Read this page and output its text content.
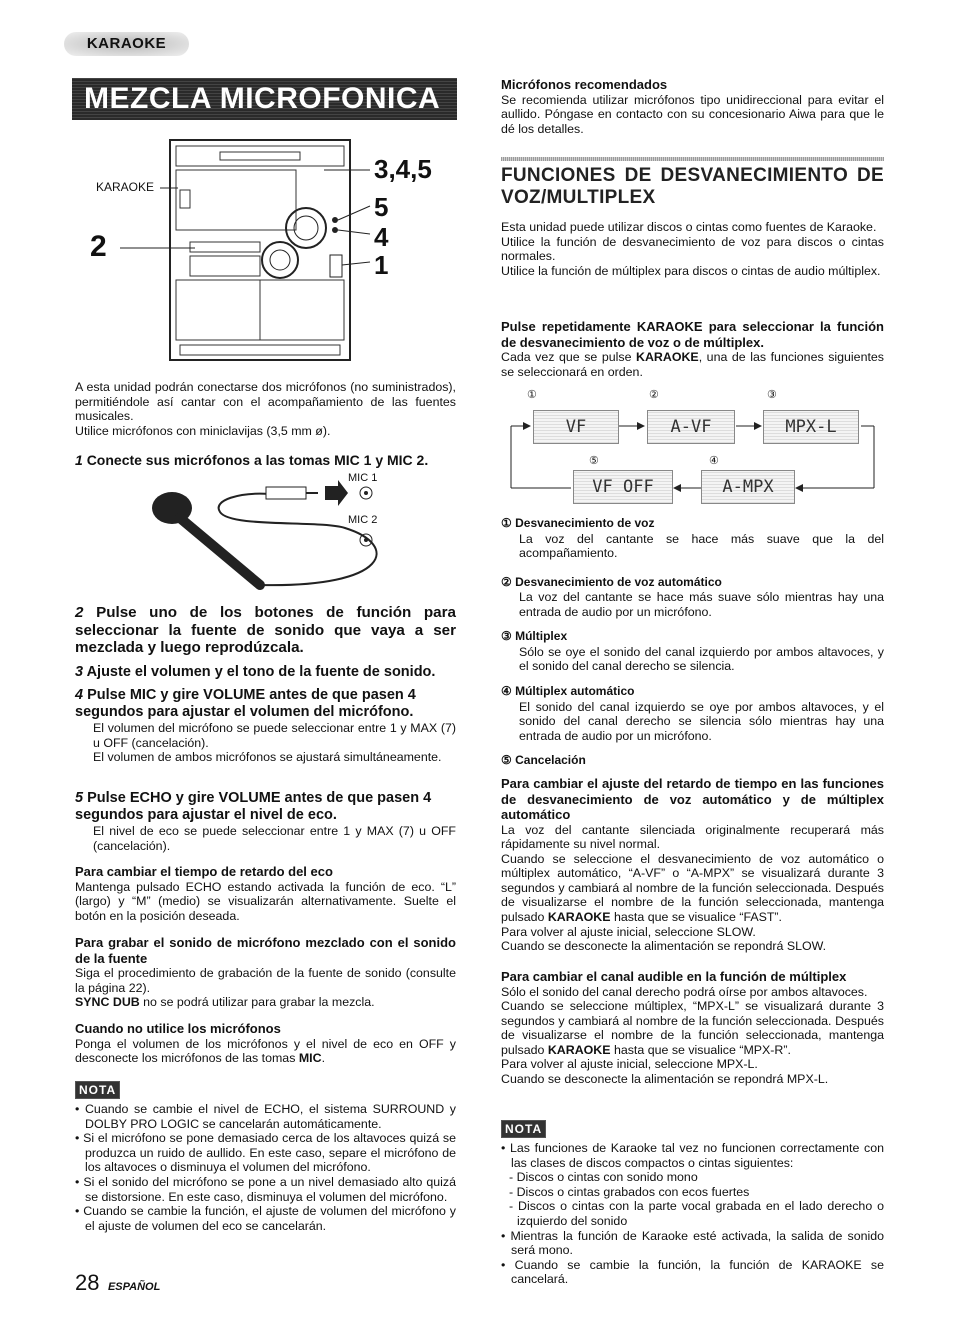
KARAOKE
MEZCLA MICROFONICA
KARAOKE
2
3,4,5
5
4
1

A esta unidad podrán conectarse dos micrófonos (no suministrados), permitiéndole así cantar con el acompañamiento de las fuentes musicales.

Utilice micrófonos con miniclavijas (3,5 mm ø).

1 Conecte sus micrófonos a las tomas MIC 1 y MIC 2.
MIC 1
MIC 2
2 Pulse uno de los botones de función para seleccionar la fuente de sonido que vaya a ser mezclada y luego reprodúzcala.
3 Ajuste el volumen y el tono de la fuente de sonido.
4 Pulse MIC y gire VOLUME antes de que pasen 4 segundos para ajustar el volumen del micrófono.

El volumen del micrófono se puede seleccionar entre 1 y MAX (7) u OFF (cancelación).

El volumen de ambos micrófonos se ajustará simultáneamente.

5 Pulse ECHO y gire VOLUME antes de que pasen 4 segundos para ajustar el nivel de eco.

El nivel de eco se puede seleccionar entre 1 y MAX (7) u OFF (cancelación).

Para cambiar el tiempo de retardo del eco

Mantenga pulsado ECHO estando activada la función de eco. “L” (largo) y “M” (medio) se visualizarán alternativamente. Suelte el botón en la posición deseada.

Para grabar el sonido de micrófono mezclado con el sonido de la fuente

Siga el procedimiento de grabación de la fuente de sonido (consulte la página 22).

SYNC DUB no se podrá utilizar para grabar la mezcla.

Cuando no utilice los micrófonos

Ponga el volumen de los micrófonos y el nivel de eco en OFF y desconecte los micrófonos de las tomas MIC.

NOTA

• Cuando se cambie el nivel de ECHO, el sistema SURROUND y DOLBY PRO LOGIC se cancelarán automáticamente.

• Si el micrófono se pone demasiado cerca de los altavoces quizá se produzca un ruido de aullido. En este caso, separe el micrófono de los altavoces o disminuya el volumen del micrófono.

• Si el sonido del micrófono se pone a un nivel demasiado alto quizá se distorsione. En este caso, disminuya el volumen del micrófono.

• Cuando se cambie la función, el ajuste de volumen del micrófono y el ajuste de volumen del eco se cancelarán.

28 ESPAÑOL
Micrófonos recomendados

Se recomienda utilizar micrófonos tipo unidireccional para evitar el aullido. Póngase en contacto con su concesionario Aiwa para que le dé los detalles.

FUNCIONES DE DESVANECIMIENTO DE VOZ/MULTIPLEX

Esta unidad puede utilizar discos o cintas como fuentes de Karaoke.

Utilice la función de desvanecimiento de voz para discos o cintas normales.

Utilice la función de múltiplex para discos o cintas de audio múltiplex.

Pulse repetidamente KARAOKE para seleccionar la función de desvanecimiento de voz o de múltiplex.

Cada vez que se pulse KARAOKE, una de las funciones siguientes se seleccionará en orden.

①	②	③
⑤	④
VF	A-VF	MPX-L
VF OFF	A-MPX
① Desvanecimiento de voz

La voz del cantante se hace más suave que la del acompañamiento.

② Desvanecimiento de voz automático

La voz del cantante se hace más suave sólo mientras hay una entrada de audio por un micrófono.

③ Múltiplex

Sólo se oye el sonido del canal izquierdo por ambos altavoces, y el sonido del canal derecho se silencia.

④ Múltiplex automático

El sonido del canal izquierdo se oye por ambos altavoces, y el sonido del canal derecho se silencia sólo mientras hay una entrada de audio por un micrófono.

⑤ Cancelación
Para cambiar el ajuste del retardo de tiempo en las funciones de desvanecimiento de voz automático y de múltiplex automático

La voz del cantante silenciada originalmente recuperará más rápidamente su nivel normal.

Cuando se seleccione el desvanecimiento de voz automático o múltiplex automático, “A-VF” o “A-MPX” se visualizará durante 3 segundos y cambiará al nombre de la función seleccionada. Después de visualizarse el nombre de la función seleccionada, mantenga pulsado KARAOKE hasta que se visualice “FAST”.

Para volver al ajuste inicial, seleccione SLOW.

Cuando se desconecte la alimentación se repondrá SLOW.

Para cambiar el canal audible en la función de múltiplex

Sólo el sonido del canal derecho podrá oírse por ambos altavoces.

Cuando se seleccione múltiplex, “MPX-L” se visualizará durante 3 segundos y cambiará al nombre de la función seleccionada. Después de visualizarse el nombre de la función seleccionada, mantenga pulsado KARAOKE hasta que se visualice “MPX-R”.

Para volver al ajuste inicial, seleccione MPX-L.

Cuando se desconecte la alimentación se repondrá MPX-L.

NOTA

• Las funciones de Karaoke tal vez no funcionen correctamente con las clases de discos compactos o cintas siguientes:

- Discos o cintas con sonido mono

- Discos o cintas grabados con ecos fuertes

- Discos o cintas con la parte vocal grabada en el lado derecho o izquierdo del sonido

• Mientras la función de Karaoke esté activada, la salida de sonido será mono.

• Cuando se cambie la función, la función de KARAOKE se cancelará.
